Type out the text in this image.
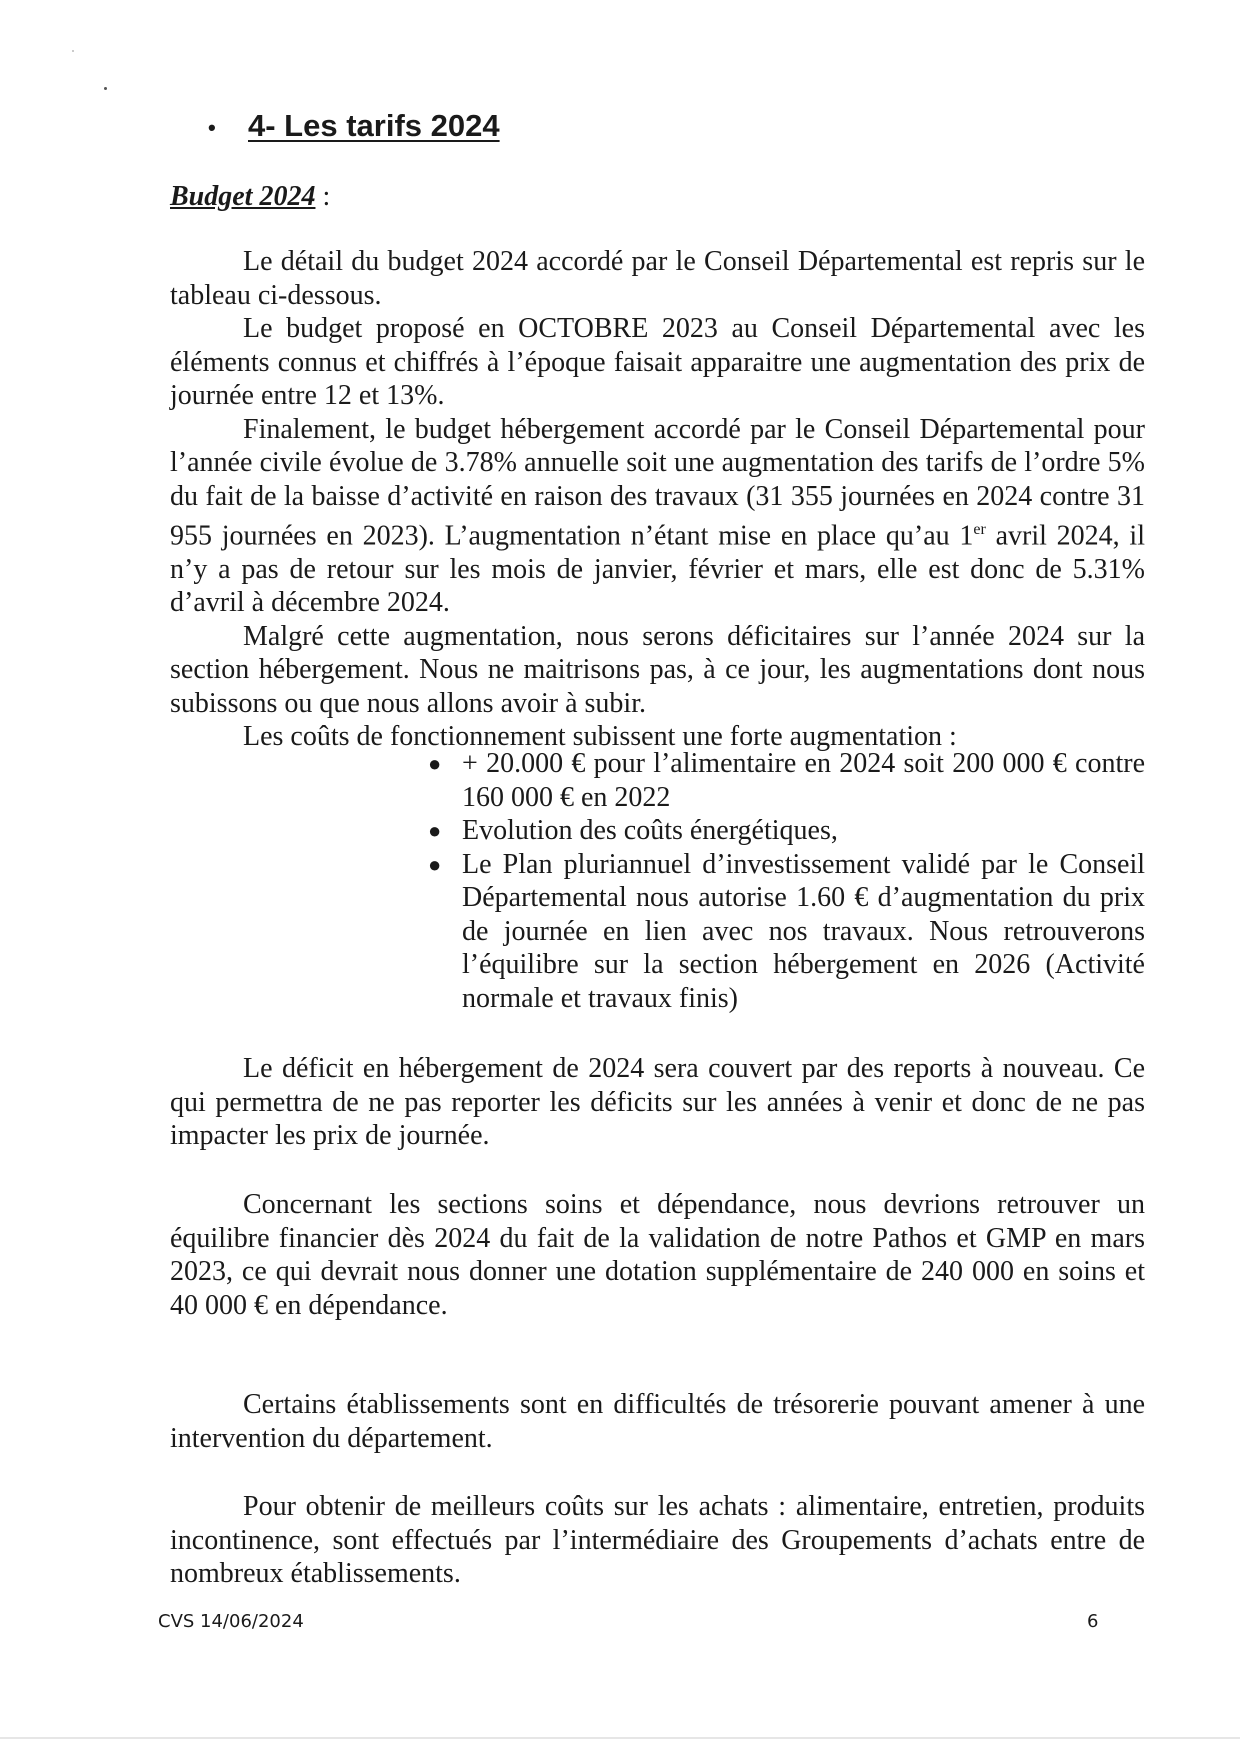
• 4- Les tarifs 2024
Budget 2024 :

Le détail du budget 2024 accordé par le Conseil Départemental est repris sur le tableau ci-dessous.

Le budget proposé en OCTOBRE 2023 au Conseil Départemental avec les éléments connus et chiffrés à l’époque faisait apparaitre une augmentation des prix de journée entre 12 et 13%.

Finalement, le budget hébergement accordé par le Conseil Départemental pour l’année civile évolue de 3.78% annuelle soit une augmentation des tarifs de l’ordre 5% du fait de la baisse d’activité en raison des travaux (31 355 journées en 2024 contre 31 955 journées en 2023). L’augmentation n’étant mise en place qu’au 1er avril 2024, il n’y a pas de retour sur les mois de janvier, février et mars, elle est donc de 5.31% d’avril à décembre 2024.

Malgré cette augmentation, nous serons déficitaires sur l’année 2024 sur la section hébergement. Nous ne maitrisons pas, à ce jour, les augmentations dont nous subissons ou que nous allons avoir à subir.

Les coûts de fonctionnement subissent une forte augmentation :

● + 20.000 € pour l’alimentaire en 2024 soit 200 000 € contre 160 000 € en 2022
● Evolution des coûts énergétiques,
● Le Plan pluriannuel d’investissement validé par le Conseil Départemental nous autorise 1.60 € d’augmentation du prix de journée en lien avec nos travaux. Nous retrouverons l’équilibre sur la section hébergement en 2026 (Activité normale et travaux finis)

Le déficit en hébergement de 2024 sera couvert par des reports à nouveau. Ce qui permettra de ne pas reporter les déficits sur les années à venir et donc de ne pas impacter les prix de journée.

Concernant les sections soins et dépendance, nous devrions retrouver un équilibre financier dès 2024 du fait de la validation de notre Pathos et GMP en mars 2023, ce qui devrait nous donner une dotation supplémentaire de 240 000 en soins et 40 000 € en dépendance.

Certains établissements sont en difficultés de trésorerie pouvant amener à une intervention du département.

Pour obtenir de meilleurs coûts sur les achats : alimentaire, entretien, produits incontinence, sont effectués par l’intermédiaire des Groupements d’achats entre de nombreux établissements.

CVS 14/06/2024	6
